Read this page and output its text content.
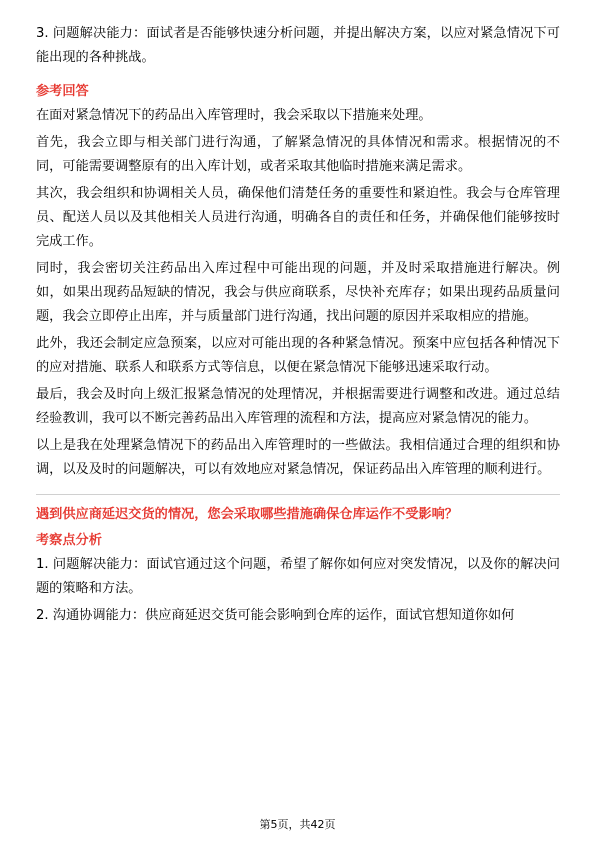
3. 问题解决能力：面试者是否能够快速分析问题，并提出解决方案，以应对紧急情况下可能出现的各种挑战。

参考回答

在面对紧急情况下的药品出入库管理时，我会采取以下措施来处理。

首先，我会立即与相关部门进行沟通，了解紧急情况的具体情况和需求。根据情况的不同，可能需要调整原有的出入库计划，或者采取其他临时措施来满足需求。

其次，我会组织和协调相关人员，确保他们清楚任务的重要性和紧迫性。我会与仓库管理员、配送人员以及其他相关人员进行沟通，明确各自的责任和任务，并确保他们能够按时完成工作。

同时，我会密切关注药品出入库过程中可能出现的问题，并及时采取措施进行解决。例如，如果出现药品短缺的情况，我会与供应商联系，尽快补充库存；如果出现药品质量问题，我会立即停止出库，并与质量部门进行沟通，找出问题的原因并采取相应的措施。

此外，我还会制定应急预案，以应对可能出现的各种紧急情况。预案中应包括各种情况下的应对措施、联系人和联系方式等信息，以便在紧急情况下能够迅速采取行动。

最后，我会及时向上级汇报紧急情况的处理情况，并根据需要进行调整和改进。通过总结经验教训，我可以不断完善药品出入库管理的流程和方法，提高应对紧急情况的能力。

以上是我在处理紧急情况下的药品出入库管理时的一些做法。我相信通过合理的组织和协调，以及及时的问题解决，可以有效地应对紧急情况，保证药品出入库管理的顺利进行。

遇到供应商延迟交货的情况，您会采取哪些措施确保仓库运作不受影响？
考察点分析

1. 问题解决能力：面试官通过这个问题，希望了解你如何应对突发情况，以及你的解决问题的策略和方法。

2. 沟通协调能力：供应商延迟交货可能会影响到仓库的运作，面试官想知道你如何

第5页，共42页
